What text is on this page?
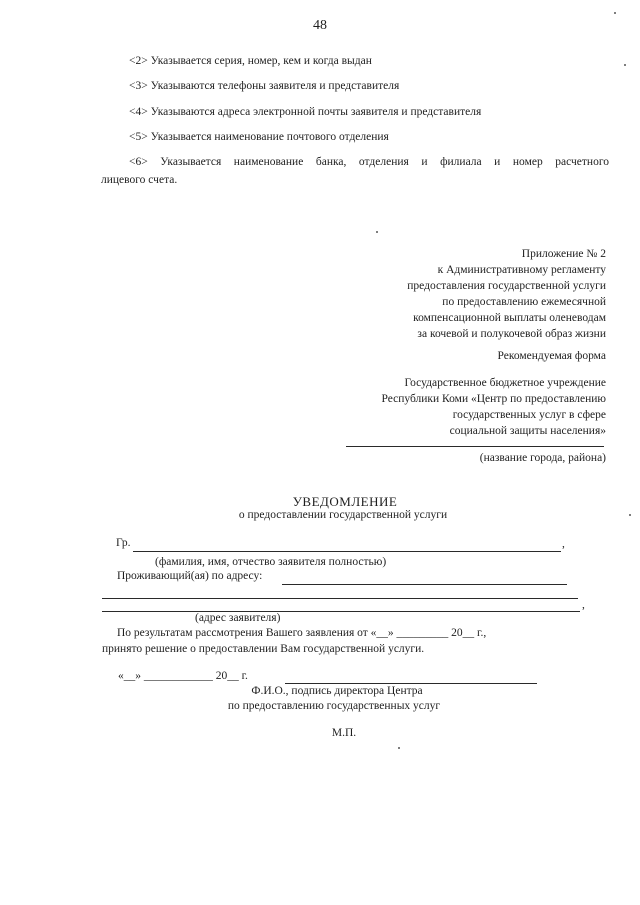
48
<2> Указывается серия, номер, кем и когда выдан
<3> Указываются телефоны заявителя и представителя
<4> Указываются адреса электронной почты заявителя и представителя
<5> Указывается наименование почтового отделения
<6> Указывается наименование банка, отделения и филиала и номер расчетного
лицевого счета.
Приложение № 2
к Административному регламенту
предоставления государственной услуги
по предоставлению ежемесячной
компенсационной выплаты оленеводам
за кочевой и полукочевой образ жизни
Рекомендуемая форма
Государственное бюджетное учреждение
Республики Коми «Центр по предоставлению
государственных услуг в сфере
социальной защиты населения»
(название города, района)
УВЕДОМЛЕНИЕ
о предоставлении государственной услуги
Гр.	,
(фамилия, имя, отчество заявителя полностью)
Проживающий(ая) по адресу:
,
(адрес заявителя)
По результатам рассмотрения Вашего заявления от «__» _________ 20__ г.,
принято решение о предоставлении Вам государственной услуги.
«__» ____________ 20__ г.
Ф.И.О., подпись директора Центра
по предоставлению государственных услуг
М.П.
